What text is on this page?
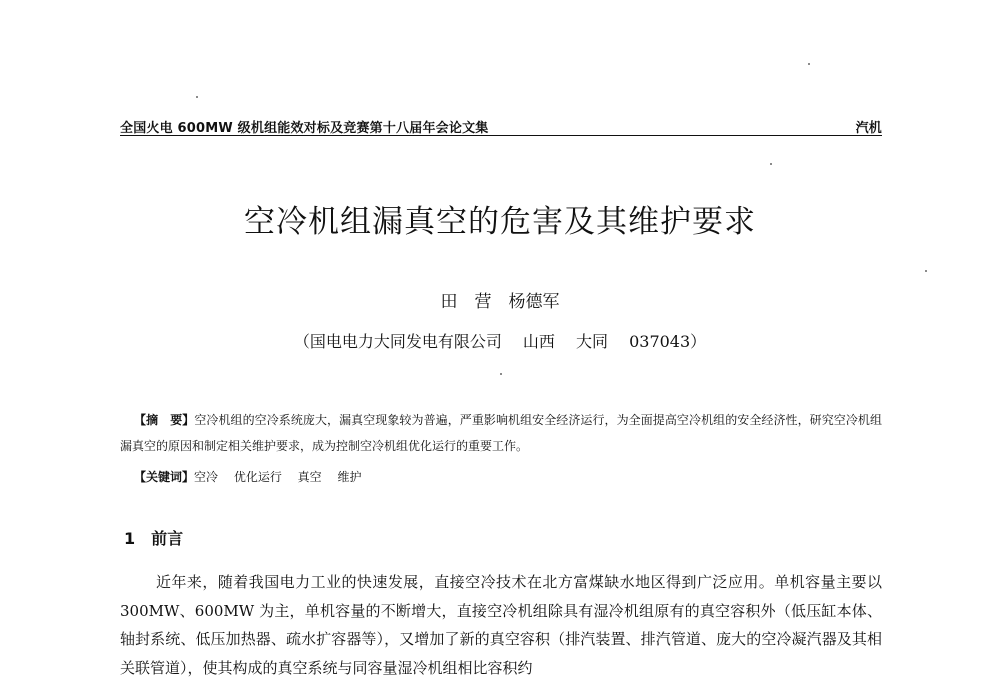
全国火电 600MW 级机组能效对标及竞赛第十八届年会论文集	汽机
空冷机组漏真空的危害及其维护要求
田　营　杨德军
（国电电力大同发电有限公司　 山西　 大同　 037043）
【摘　要】空冷机组的空冷系统庞大，漏真空现象较为普遍，严重影响机组安全经济运行，为全面提高空冷机组的安全经济性，研究空冷机组漏真空的原因和制定相关维护要求，成为控制空冷机组优化运行的重要工作。
【关键词】空冷　 优化运行　 真空　 维护
1　 前言
近年来，随着我国电力工业的快速发展，直接空冷技术在北方富煤缺水地区得到广泛应用。单机容量主要以 300MW、600MW 为主，单机容量的不断增大，直接空冷机组除具有湿冷机组原有的真空容积外（低压缸本体、轴封系统、低压加热器、疏水扩容器等），又增加了新的真空容积（排汽装置、排汽管道、庞大的空冷凝汽器及其相关联管道），使其构成的真空系统与同容量湿冷机组相比容积约
